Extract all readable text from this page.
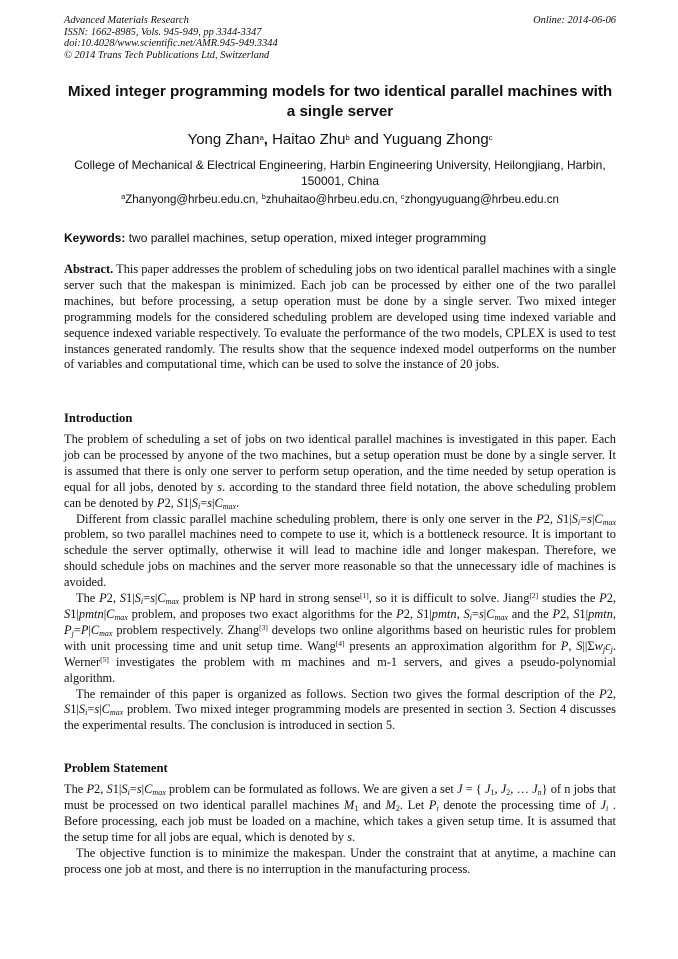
Advanced Materials Research
ISSN: 1662-8985, Vols. 945-949, pp 3344-3347
doi:10.4028/www.scientific.net/AMR.945-949.3344
© 2014 Trans Tech Publications Ltd, Switzerland
Online: 2014-06-06
Mixed integer programming models for two identical parallel machines with a single server
Yong Zhan$^a$, Haitao Zhu$^b$ and Yuguang Zhong$^c$
College of Mechanical & Electrical Engineering, Harbin Engineering University, Heilongjiang, Harbin, 150001, China
$^a$Zhanyong@hrbeu.edu.cn, $^b$zhuhaitao@hrbeu.edu.cn, $^c$zhongyuguang@hrbeu.edu.cn
Keywords: two parallel machines, setup operation, mixed integer programming

Abstract. This paper addresses the problem of scheduling jobs on two identical parallel machines with a single server such that the makespan is minimized. Each job can be processed by either one of the two parallel machines, but before processing, a setup operation must be done by a single server. Two mixed integer programming models for the considered scheduling problem are developed using time indexed variable and sequence indexed variable respectively. To evaluate the performance of the two models, CPLEX is used to test instances generated randomly. The results show that the sequence indexed model outperforms on the number of variables and computational time, which can be used to solve the instance of 20 jobs.

Introduction

The problem of scheduling a set of jobs on two identical parallel machines is investigated in this paper. Each job can be processed by anyone of the two machines, but a setup operation must be done by a single server. It is assumed that there is only one server to perform setup operation, and the time needed by setup operation is equal for all jobs, denoted by s. according to the standard three field notation, the above scheduling problem can be denoted by P2, $S1|S_i=s|C_{max}$.

Different from classic parallel machine scheduling problem, there is only one server in the P2, $S1|S_i=s|C_{max}$ problem, so two parallel machines need to compete to use it, which is a bottleneck resource. It is important to schedule the server optimally, otherwise it will lead to machine idle and longer makespan. Therefore, we should schedule jobs on machines and the server more reasonable so that the unnecessary idle of machines is avoided.

The P2, $S1|S_i=s|C_{max}$ problem is NP hard in strong sense[1], so it is difficult to solve. Jiang[2] studies the P2, $S1|pmtn|C_{max}$ problem, and proposes two exact algorithms for the P2, S1|pmtn, $S_i=s|C_{max}$ and the P2, S1|pmtn, $P_j=P|C_{max}$ problem respectively. Zhang[3] develops two online algorithms based on heuristic rules for problem with unit processing time and unit setup time. Wang[4] presents an approximation algorithm for P, $S||\Sigma w_jc_j$. Werner[5] investigates the problem with m machines and m-1 servers, and gives a pseudo-polynomial algorithm.

The remainder of this paper is organized as follows. Section two gives the formal description of the P2, $S1|S_i=s|C_{max}$ problem. Two mixed integer programming models are presented in section 3. Section 4 discusses the experimental results. The conclusion is introduced in section 5.

Problem Statement

The P2, $S1|S_i=s|C_{max}$ problem can be formulated as follows. We are given a set J = { $J_1$, $J_2$, … $J_n$} of n jobs that must be processed on two identical parallel machines $M_1$ and $M_2$. Let $P_i$ denote the processing time of $J_i$ . Before processing, each job must be loaded on a machine, which takes a given setup time. It is assumed that the setup time for all jobs are equal, which is denoted by s.

The objective function is to minimize the makespan. Under the constraint that at anytime, a machine can process one job at most, and there is no interruption in the manufacturing process.
